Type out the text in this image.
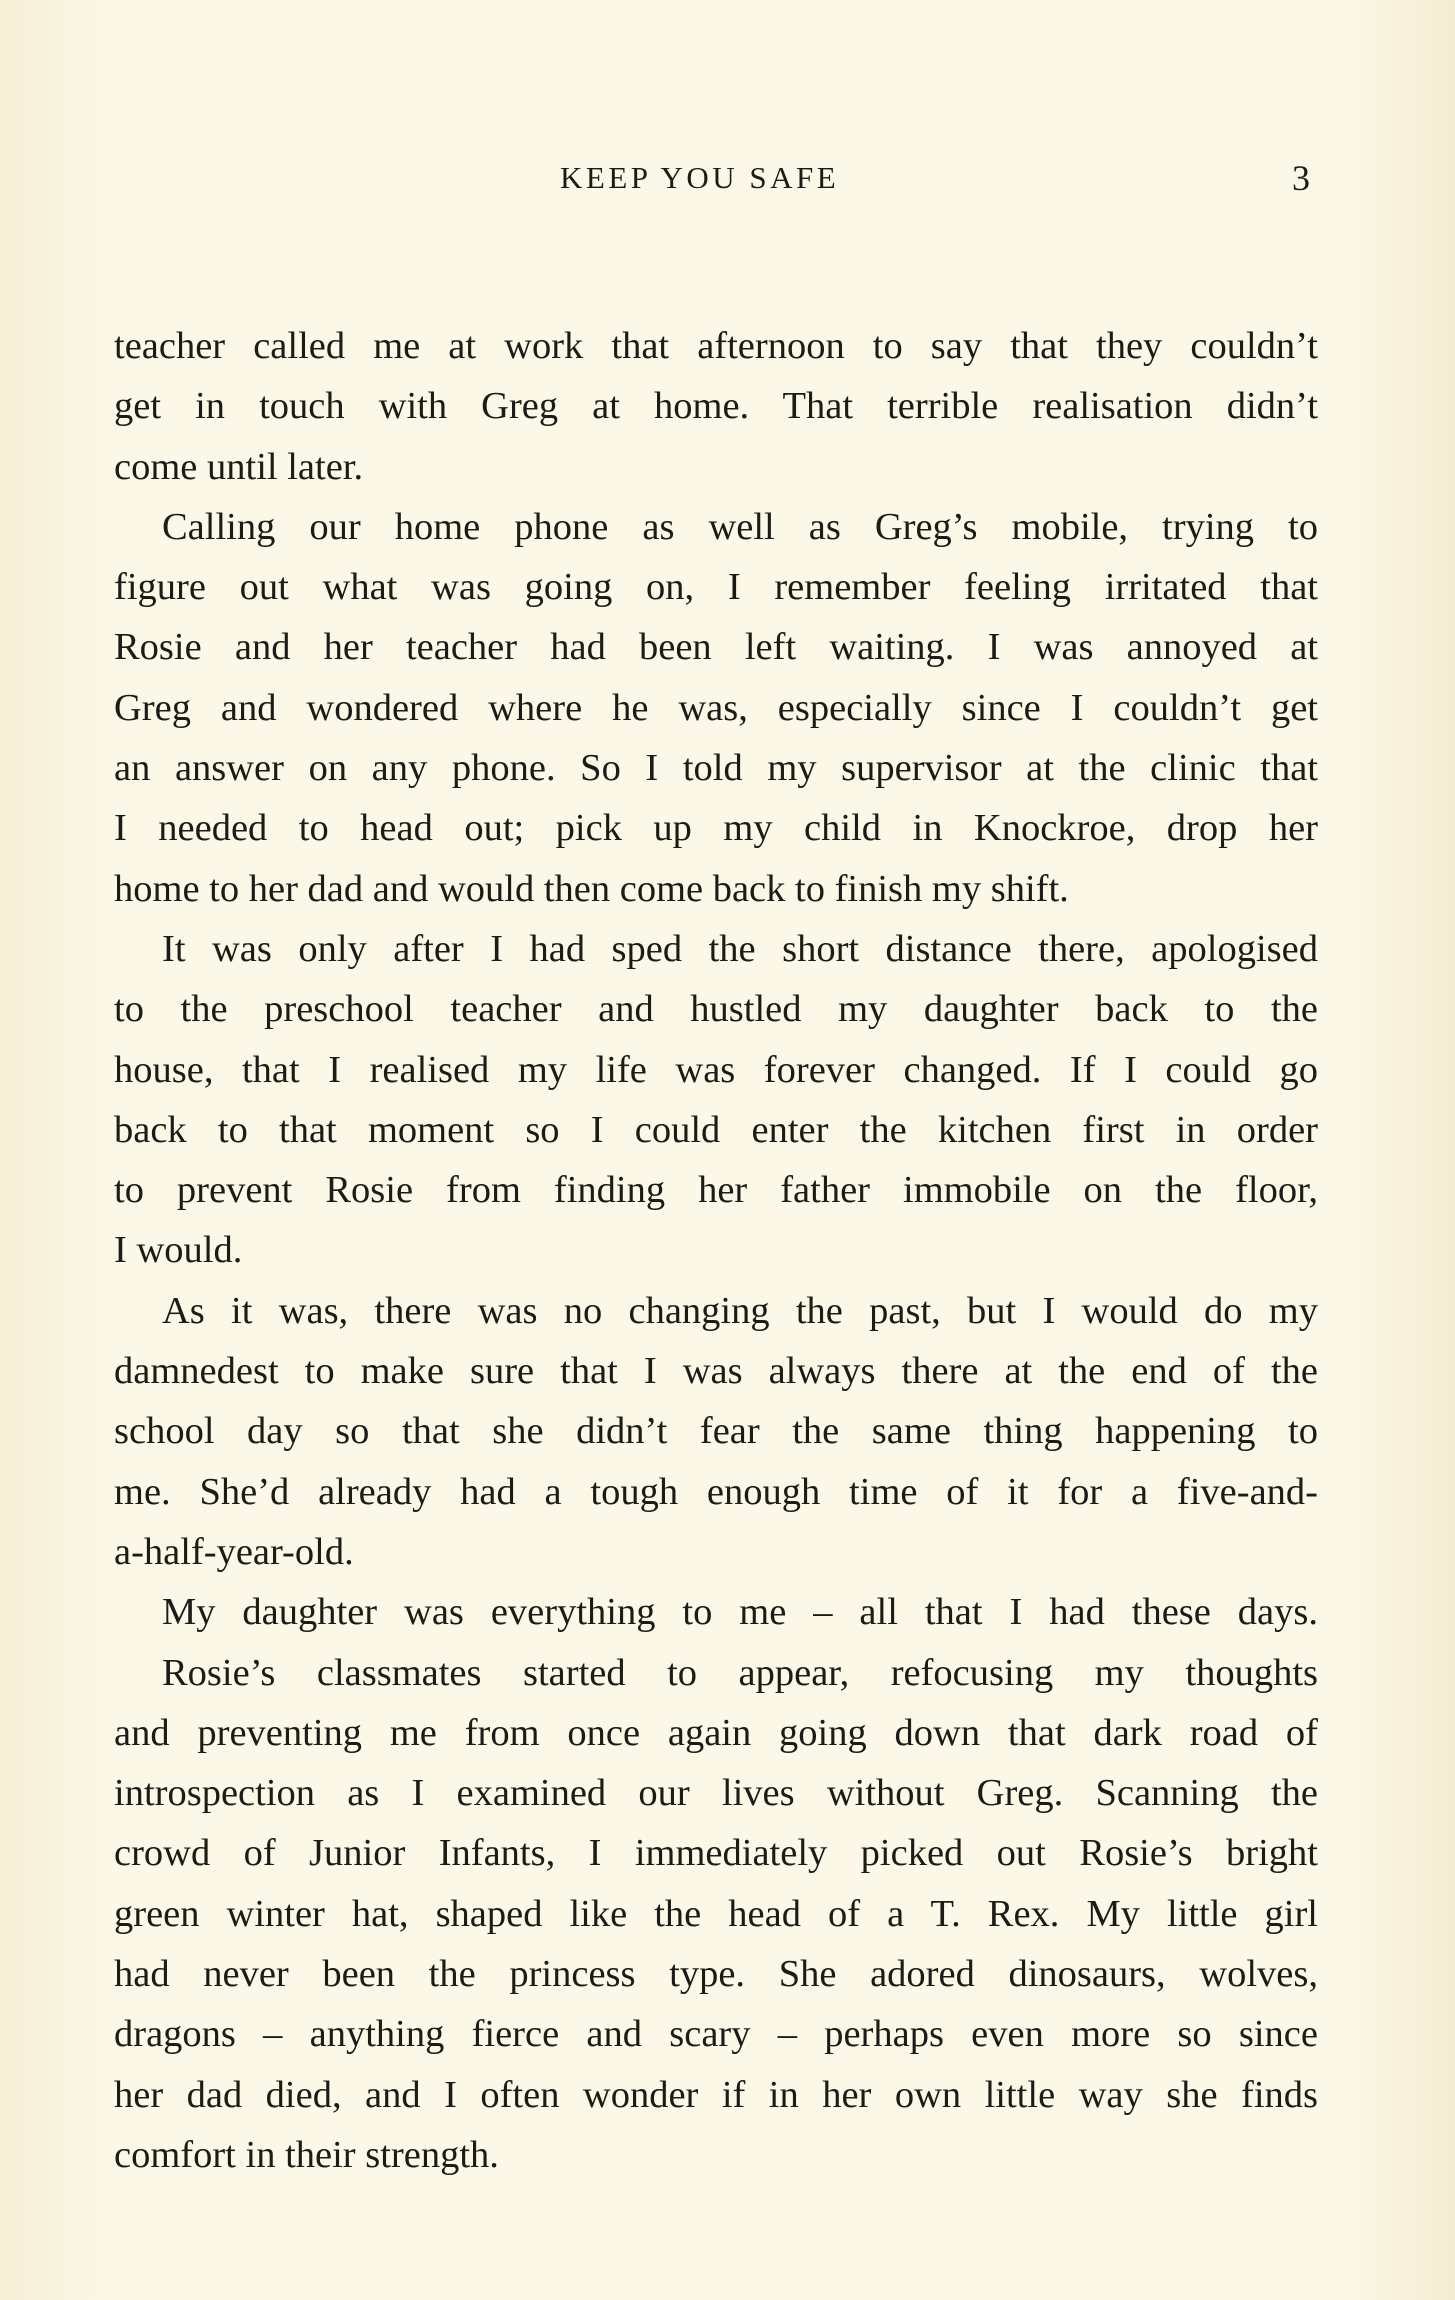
KEEP YOU SAFE	3
teacher called me at work that afternoon to say that they couldn’t
get in touch with Greg at home. That terrible realisation didn’t
come until later.
Calling our home phone as well as Greg’s mobile, trying to
figure out what was going on, I remember feeling irritated that
Rosie and her teacher had been left waiting. I was annoyed at
Greg and wondered where he was, especially since I couldn’t get
an answer on any phone. So I told my supervisor at the clinic that
I needed to head out; pick up my child in Knockroe, drop her
home to her dad and would then come back to finish my shift.
It was only after I had sped the short distance there, apologised
to the preschool teacher and hustled my daughter back to the
house, that I realised my life was forever changed. If I could go
back to that moment so I could enter the kitchen first in order
to prevent Rosie from finding her father immobile on the floor,
I would.
As it was, there was no changing the past, but I would do my
damnedest to make sure that I was always there at the end of the
school day so that she didn’t fear the same thing happening to
me. She’d already had a tough enough time of it for a five-and-
a-half-year-old.
My daughter was everything to me – all that I had these days.
Rosie’s classmates started to appear, refocusing my thoughts
and preventing me from once again going down that dark road of
introspection as I examined our lives without Greg. Scanning the
crowd of Junior Infants, I immediately picked out Rosie’s bright
green winter hat, shaped like the head of a T. Rex. My little girl
had never been the princess type. She adored dinosaurs, wolves,
dragons – anything fierce and scary – perhaps even more so since
her dad died, and I often wonder if in her own little way she finds
comfort in their strength.
